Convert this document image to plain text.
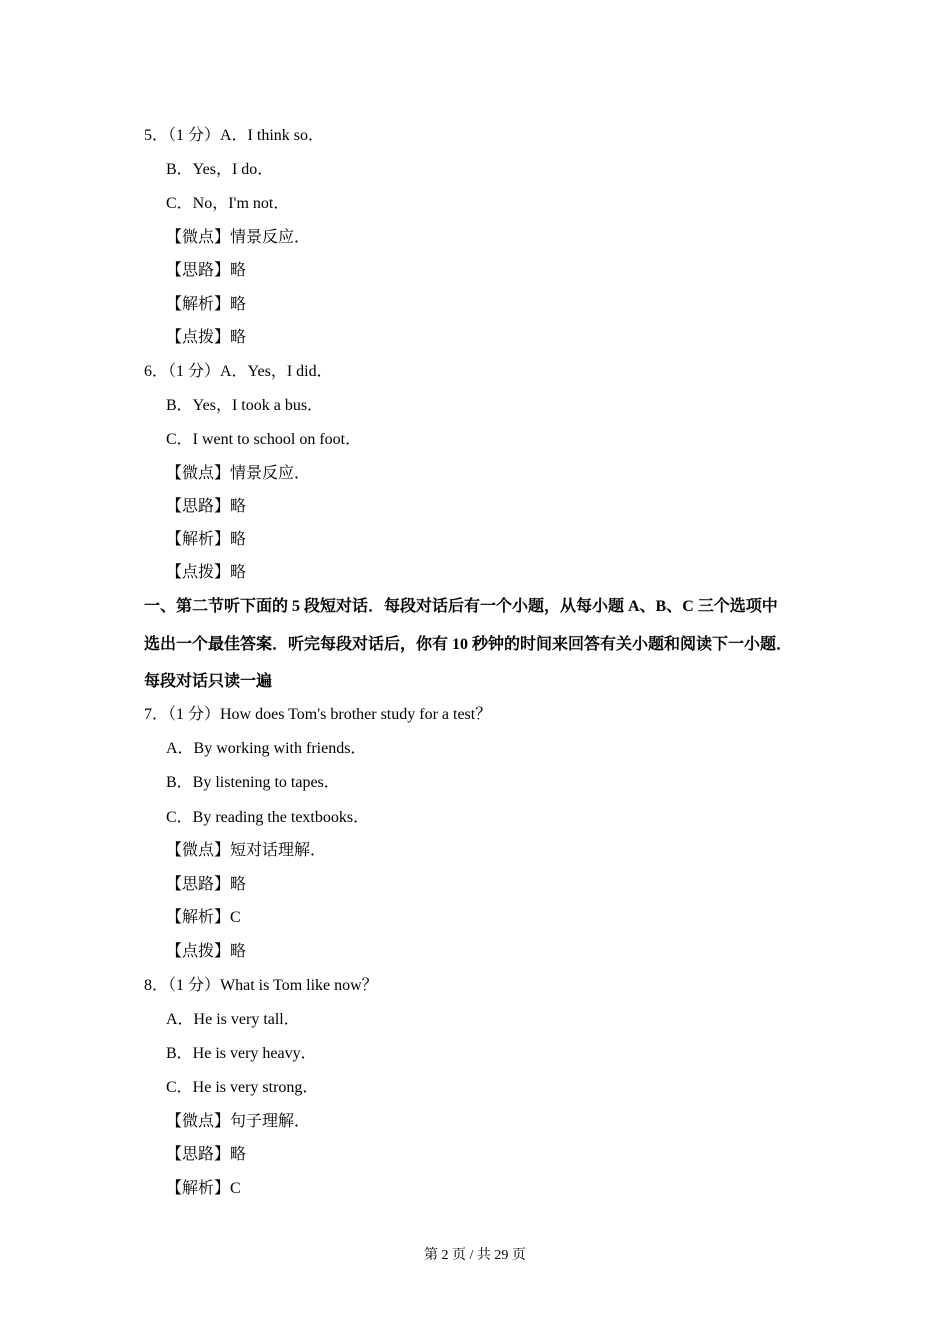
5．（1 分）A．I think so．
B．Yes，I do．
C．No，I'm not．
【微点】情景反应．
【思路】略
【解析】略
【点拨】略
6．（1 分）A．Yes，I did．
B．Yes，I took a bus．
C．I went to school on foot．
【微点】情景反应．
【思路】略
【解析】略
【点拨】略
一、第二节听下面的 5 段短对话．每段对话后有一个小题，从每小题 A、B、C 三个选项中
选出一个最佳答案．听完每段对话后，你有 10 秒钟的时间来回答有关小题和阅读下一小题．
每段对话只读一遍
7．（1 分）How does Tom's brother study for a test？
A．By working with friends．
B．By listening to tapes．
C．By reading the textbooks．
【微点】短对话理解．
【思路】略
【解析】C
【点拨】略
8．（1 分）What is Tom like now？
A．He is very tall．
B．He is very heavy．
C．He is very strong．
【微点】句子理解．
【思路】略
【解析】C
第 2 页 / 共 29 页
